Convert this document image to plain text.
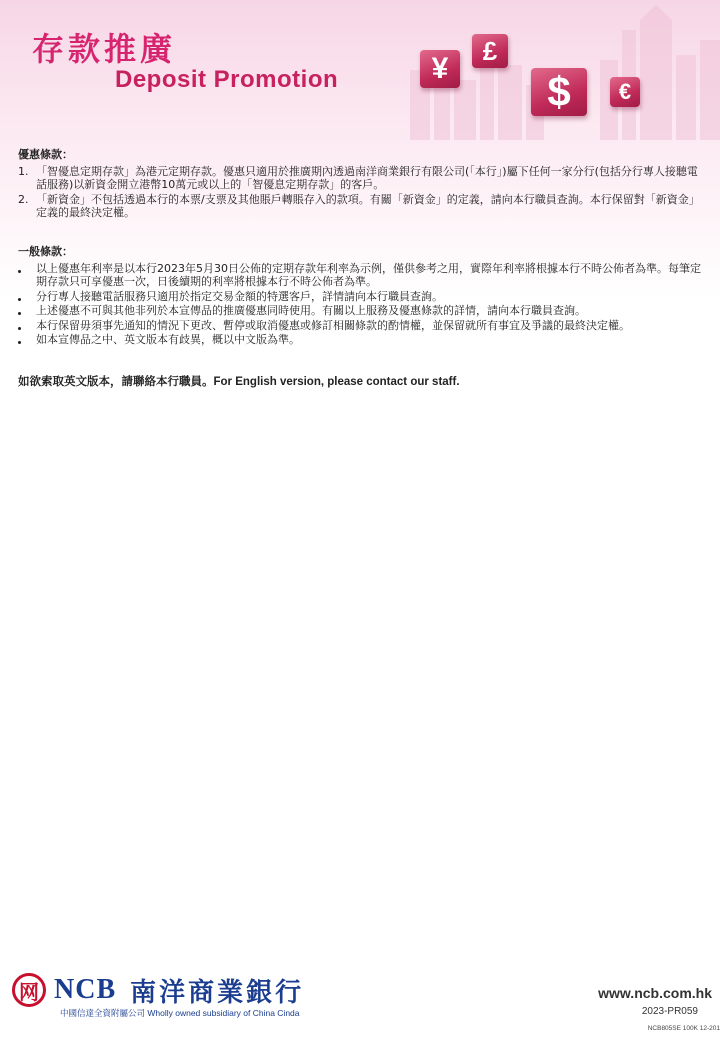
存款推廣
Deposit Promotion	¥
£
$	€
優惠條款：
1. 「智優息定期存款」為港元定期存款。優惠只適用於推廣期內透過南洋商業銀行有限公司(「本行」)屬下任何一家分行(包括分行專人接聽電話服務)以新資金開立港幣10萬元或以上的「智優息定期存款」的客戶。
2. 「新資金」不包括透過本行的本票/支票及其他賬戶轉賬存入的款項。有關「新資金」的定義，請向本行職員查詢。本行保留對「新資金」定義的最終決定權。
一般條款：
以上優惠年利率是以本行2023年5月30日公佈的定期存款年利率為示例，僅供參考之用，實際年利率將根據本行不時公佈者為準。每筆定期存款只可享優惠一次，日後續期的利率將根據本行不時公佈者為準。
分行專人接聽電話服務只適用於指定交易金額的特選客戶，詳情請向本行職員查詢。
上述優惠不可與其他非列於本宣傳品的推廣優惠同時使用。有關以上服務及優惠條款的詳情，請向本行職員查詢。
本行保留毋須事先通知的情況下更改、暫停或取消優惠或修訂相關條款的酌情權，並保留就所有事宜及爭議的最終決定權。
如本宣傳品之中、英文版本有歧異，概以中文版為準。
如欲索取英文版本，請聯絡本行職員。For English version, please contact our staff.
⽹ NCB 南洋商業銀行
中國信達全資附屬公司 Wholly owned subsidiary of China Cinda
www.ncb.com.hk
2023-PR059
NCB805SE 100K 12-201
